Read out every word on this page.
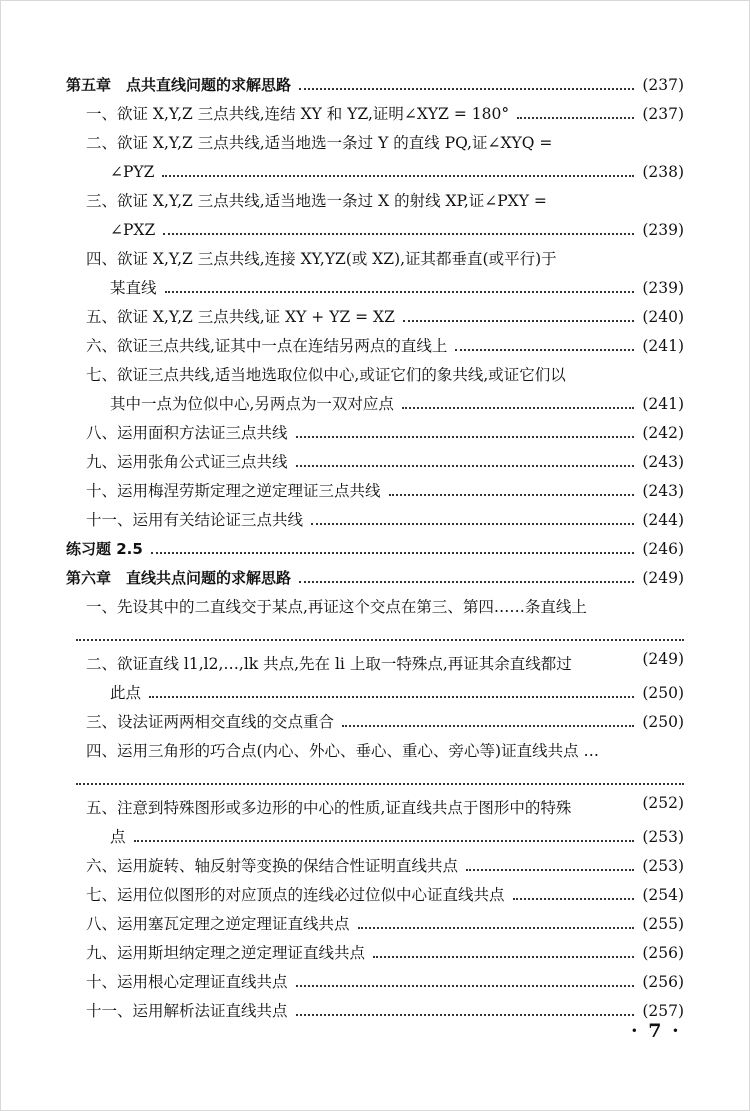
第五章　点共直线问题的求解思路	(237)
一、欲证 X,Y,Z 三点共线,连结 XY 和 YZ,证明∠XYZ = 180°	(237)
二、欲证 X,Y,Z 三点共线,适当地选一条过 Y 的直线 PQ,证∠XYQ =
∠PYZ	(238)
三、欲证 X,Y,Z 三点共线,适当地选一条过 X 的射线 XP,证∠PXY =
∠PXZ	(239)
四、欲证 X,Y,Z 三点共线,连接 XY,YZ(或 XZ),证其都垂直(或平行)于
某直线	(239)
五、欲证 X,Y,Z 三点共线,证 XY + YZ = XZ	(240)
六、欲证三点共线,证其中一点在连结另两点的直线上	(241)
七、欲证三点共线,适当地选取位似中心,或证它们的象共线,或证它们以
其中一点为位似中心,另两点为一双对应点	(241)
八、运用面积方法证三点共线	(242)
九、运用张角公式证三点共线	(243)
十、运用梅涅劳斯定理之逆定理证三点共线	(243)
十一、运用有关结论证三点共线	(244)
练习题 2.5	(246)
第六章　直线共点问题的求解思路	(249)
一、先设其中的二直线交于某点,再证这个交点在第三、第四……条直线上
(249)
二、欲证直线 l1,l2,…,lk 共点,先在 li 上取一特殊点,再证其余直线都过
此点	(250)
三、设法证两两相交直线的交点重合	(250)
四、运用三角形的巧合点(内心、外心、垂心、重心、旁心等)证直线共点 …
(252)
五、注意到特殊图形或多边形的中心的性质,证直线共点于图形中的特殊
点	(253)
六、运用旋转、轴反射等变换的保结合性证明直线共点	(253)
七、运用位似图形的对应顶点的连线必过位似中心证直线共点	(254)
八、运用塞瓦定理之逆定理证直线共点	(255)
九、运用斯坦纳定理之逆定理证直线共点	(256)
十、运用根心定理证直线共点	(256)
十一、运用解析法证直线共点	(257)
· 7 ·
